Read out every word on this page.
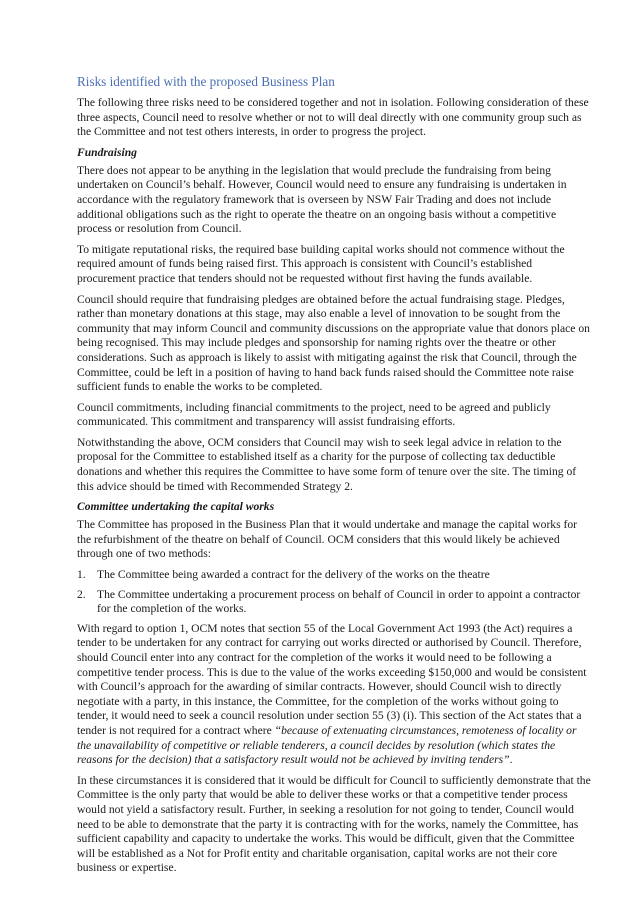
Risks identified with the proposed Business Plan

The following three risks need to be considered together and not in isolation. Following consideration of these three aspects, Council need to resolve whether or not to will deal directly with one community group such as the Committee and not test others interests, in order to progress the project.

Fundraising

There does not appear to be anything in the legislation that would preclude the fundraising from being undertaken on Council’s behalf. However, Council would need to ensure any fundraising is undertaken in accordance with the regulatory framework that is overseen by NSW Fair Trading and does not include additional obligations such as the right to operate the theatre on an ongoing basis without a competitive process or resolution from Council.

To mitigate reputational risks, the required base building capital works should not commence without the required amount of funds being raised first. This approach is consistent with Council’s established procurement practice that tenders should not be requested without first having the funds available.

Council should require that fundraising pledges are obtained before the actual fundraising stage. Pledges, rather than monetary donations at this stage, may also enable a level of innovation to be sought from the community that may inform Council and community discussions on the appropriate value that donors place on being recognised. This may include pledges and sponsorship for naming rights over the theatre or other considerations. Such as approach is likely to assist with mitigating against the risk that Council, through the Committee, could be left in a position of having to hand back funds raised should the Committee note raise sufficient funds to enable the works to be completed.

Council commitments, including financial commitments to the project, need to be agreed and publicly communicated. This commitment and transparency will assist fundraising efforts.

Notwithstanding the above, OCM considers that Council may wish to seek legal advice in relation to the proposal for the Committee to established itself as a charity for the purpose of collecting tax deductible donations and whether this requires the Committee to have some form of tenure over the site. The timing of this advice should be timed with Recommended Strategy 2.

Committee undertaking the capital works

The Committee has proposed in the Business Plan that it would undertake and manage the capital works for the refurbishment of the theatre on behalf of Council. OCM considers that this would likely be achieved through one of two methods:

1. The Committee being awarded a contract for the delivery of the works on the theatre
2. The Committee undertaking a procurement process on behalf of Council in order to appoint a contractor for the completion of the works.

With regard to option 1, OCM notes that section 55 of the Local Government Act 1993 (the Act) requires a tender to be undertaken for any contract for carrying out works directed or authorised by Council. Therefore, should Council enter into any contract for the completion of the works it would need to be following a competitive tender process. This is due to the value of the works exceeding $150,000 and would be consistent with Council’s approach for the awarding of similar contracts. However, should Council wish to directly negotiate with a party, in this instance, the Committee, for the completion of the works without going to tender, it would need to seek a council resolution under section 55 (3) (i). This section of the Act states that a tender is not required for a contract where “because of extenuating circumstances, remoteness of locality or the unavailability of competitive or reliable tenderers, a council decides by resolution (which states the reasons for the decision) that a satisfactory result would not be achieved by inviting tenders”.

In these circumstances it is considered that it would be difficult for Council to sufficiently demonstrate that the Committee is the only party that would be able to deliver these works or that a competitive tender process would not yield a satisfactory result. Further, in seeking a resolution for not going to tender, Council would need to be able to demonstrate that the party it is contracting with for the works, namely the Committee, has sufficient capability and capacity to undertake the works. This would be difficult, given that the Committee will be established as a Not for Profit entity and charitable organisation, capital works are not their core business or expertise.
